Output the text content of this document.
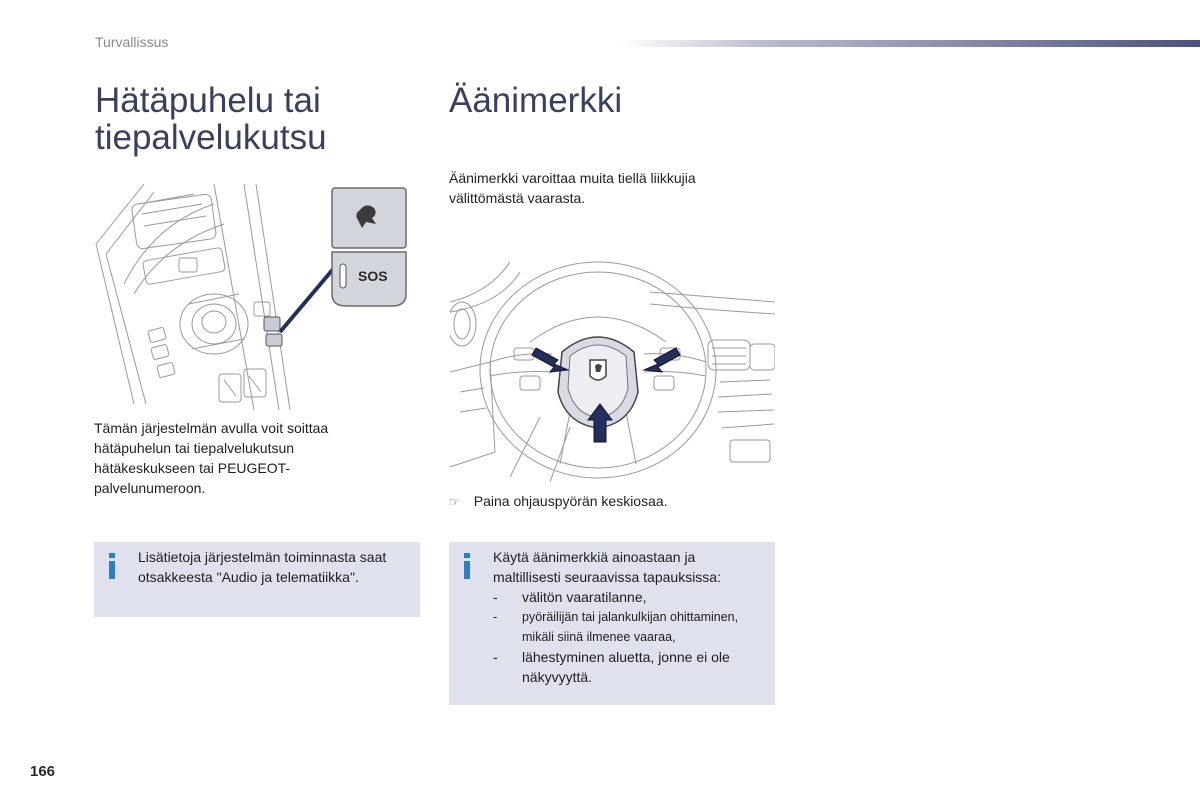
Turvallissus
Hätäpuhelu tai
tiepalvelukutsu
SOS

Tämän järjestelmän avulla voit soittaa

hätäpuhelun tai tiepalvelukutsun

hätäkeskukseen tai PEUGEOT-

palvelunumeroon.

Lisätietoja järjestelmän toiminnasta saat
otsakkeesta "Audio ja telematiikka".
Äänimerkki

Äänimerkki varoittaa muita tiellä liikkujia

välittömästä vaarasta.

☞ Paina ohjauspyörän keskiosaa.
Käytä äänimerkkiä ainoastaan ja
maltillisesti seuraavissa tapauksissa:
- välitön vaaratilanne,
- pyöräilijän tai jalankulkijan ohittaminen,
mikäli siinä ilmenee vaaraa,
- lähestyminen aluetta, jonne ei ole
näkyvyyttä.
166
